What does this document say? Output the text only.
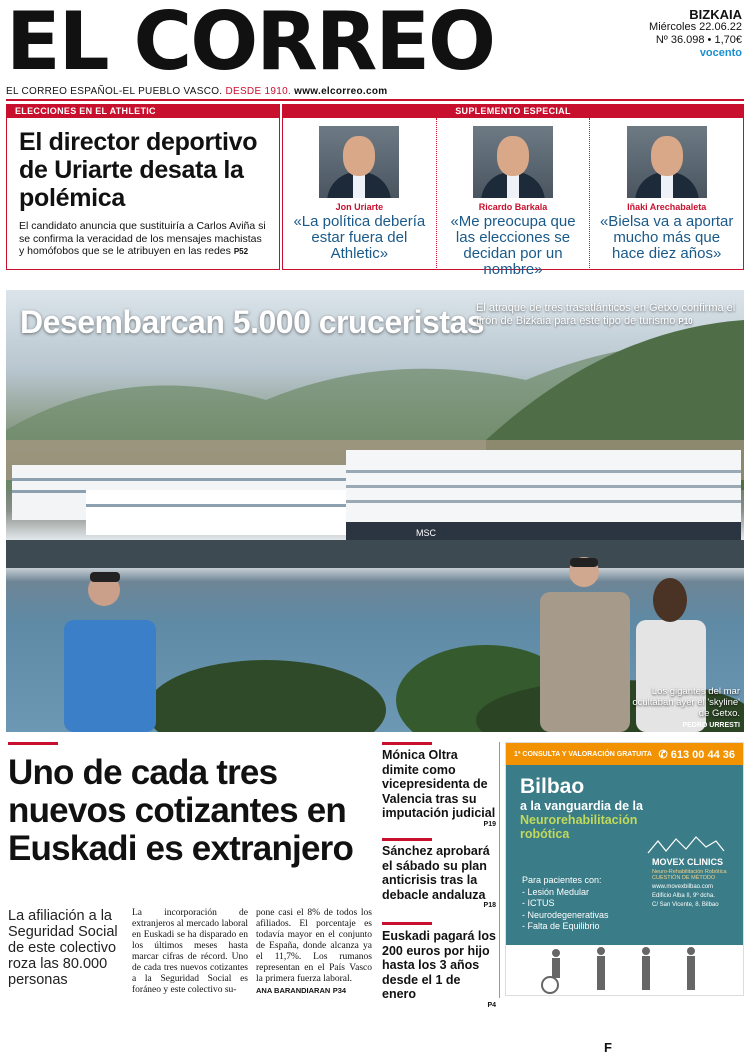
EL CORREO	BIZKAIA
Miércoles 22.06.22
Nº 36.098 • 1,70€
vocento
EL CORREO ESPAÑOL-EL PUEBLO VASCO. DESDE 1910. www.elcorreo.com
ELECCIONES EN EL ATHLETIC
El director deportivo de Uriarte desata la polémica
El candidato anuncia que sustituiría a Carlos Aviña si se confirma la veracidad de los mensajes machistas y homófobos que se le atribuyen en las redes P52
SUPLEMENTO ESPECIAL
Jon Uriarte
«La política debería estar fuera del Athletic»
Ricardo Barkala
«Me preocupa que las elecciones se decidan por un nombre»
Iñaki Arechabaleta
«Bielsa va a aportar mucho más que hace diez años»
MSC
Desembarcan 5.000 cruceristas
El atraque de tres trasatlánticos en Getxo confirma el tirón de Bizkaia para este tipo de turismo P10
Los gigantes del mar ocultaban ayer el 'skyline' de Getxo.
PEDRO URRESTI
Uno de cada tres nuevos cotizantes en Euskadi es extranjero
La afiliación a la Seguridad Social de este colectivo roza las 80.000 personas
La incorporación de extranjeros al mercado laboral en Euskadi se ha disparado en los últimos meses hasta marcar cifras de récord. Uno de cada tres nuevos cotizantes a la Seguridad Social es foráneo y este colectivo su-
pone casi el 8% de todos los afiliados. El porcentaje es todavía mayor en el conjunto de España, donde alcanza ya el 11,7%. Los rumanos representan en el País Vasco la primera fuerza laboral.
ANA BARANDIARAN P34
Mónica Oltra dimite como vicepresidenta de Valencia tras su imputación judicial
P19
Sánchez aprobará el sábado su plan anticrisis tras la debacle andaluza
P18
Euskadi pagará los 200 euros por hijo hasta los 3 años desde el 1 de enero
P4
1ª CONSULTA Y VALORACIÓN GRATUITA ✆ 613 00 44 36
Bilbao
a la vanguardia de la
Neurorehabilitación
robótica
Para pacientes con:
- Lesión Medular
- ICTUS
- Neurodegenerativas
- Falta de Equilibrio
MOVEX CLINICS
Neuro-Rehabilitación Robótica
CUESTIÓN DE MÉTODO
www.movexbilbao.com
Edificio Alba II, 9º dcha.
C/ San Vicente, 8. Bilbao
F
